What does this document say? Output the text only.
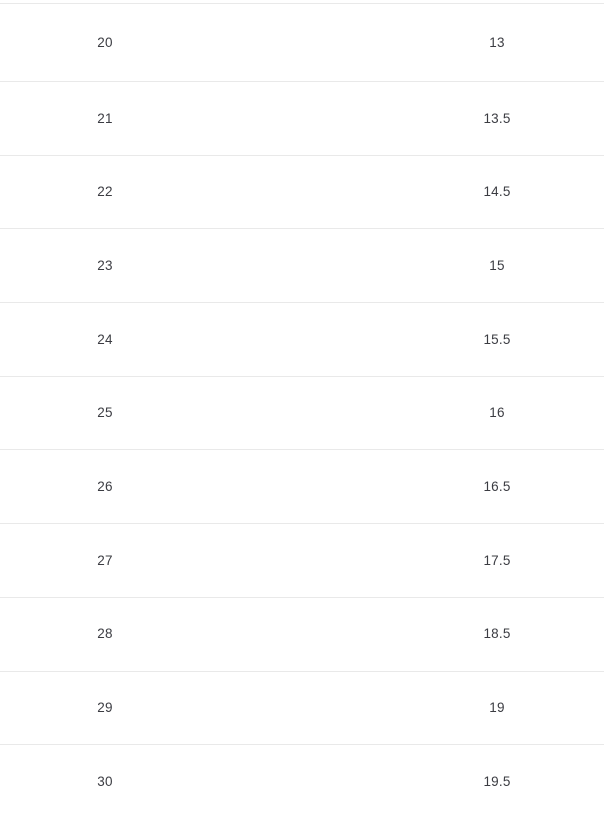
20	13
21	13.5
22	14.5
23	15
24	15.5
25	16
26	16.5
27	17.5
28	18.5
29	19
30	19.5
